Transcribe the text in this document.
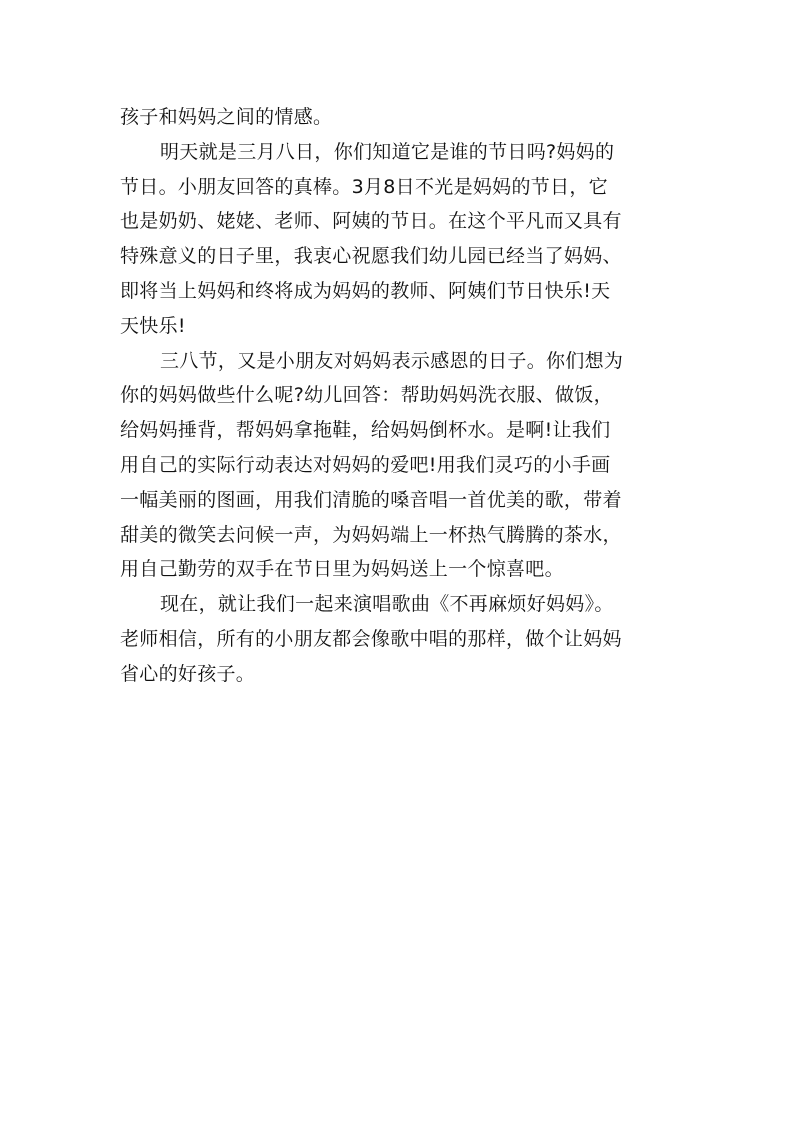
孩子和妈妈之间的情感。

明天就是三月八日，你们知道它是谁的节日吗?妈妈的
节日。小朋友回答的真棒。3月8日不光是妈妈的节日，它
也是奶奶、姥姥、老师、阿姨的节日。在这个平凡而又具有
特殊意义的日子里，我衷心祝愿我们幼儿园已经当了妈妈、
即将当上妈妈和终将成为妈妈的教师、阿姨们节日快乐!天
天快乐!

三八节，又是小朋友对妈妈表示感恩的日子。你们想为
你的妈妈做些什么呢?幼儿回答：帮助妈妈洗衣服、做饭，
给妈妈捶背，帮妈妈拿拖鞋，给妈妈倒杯水。是啊!让我们
用自己的实际行动表达对妈妈的爱吧!用我们灵巧的小手画
一幅美丽的图画，用我们清脆的嗓音唱一首优美的歌，带着
甜美的微笑去问候一声，为妈妈端上一杯热气腾腾的茶水，
用自己勤劳的双手在节日里为妈妈送上一个惊喜吧。

现在，就让我们一起来演唱歌曲《不再麻烦好妈妈》。
老师相信，所有的小朋友都会像歌中唱的那样，做个让妈妈
省心的好孩子。
